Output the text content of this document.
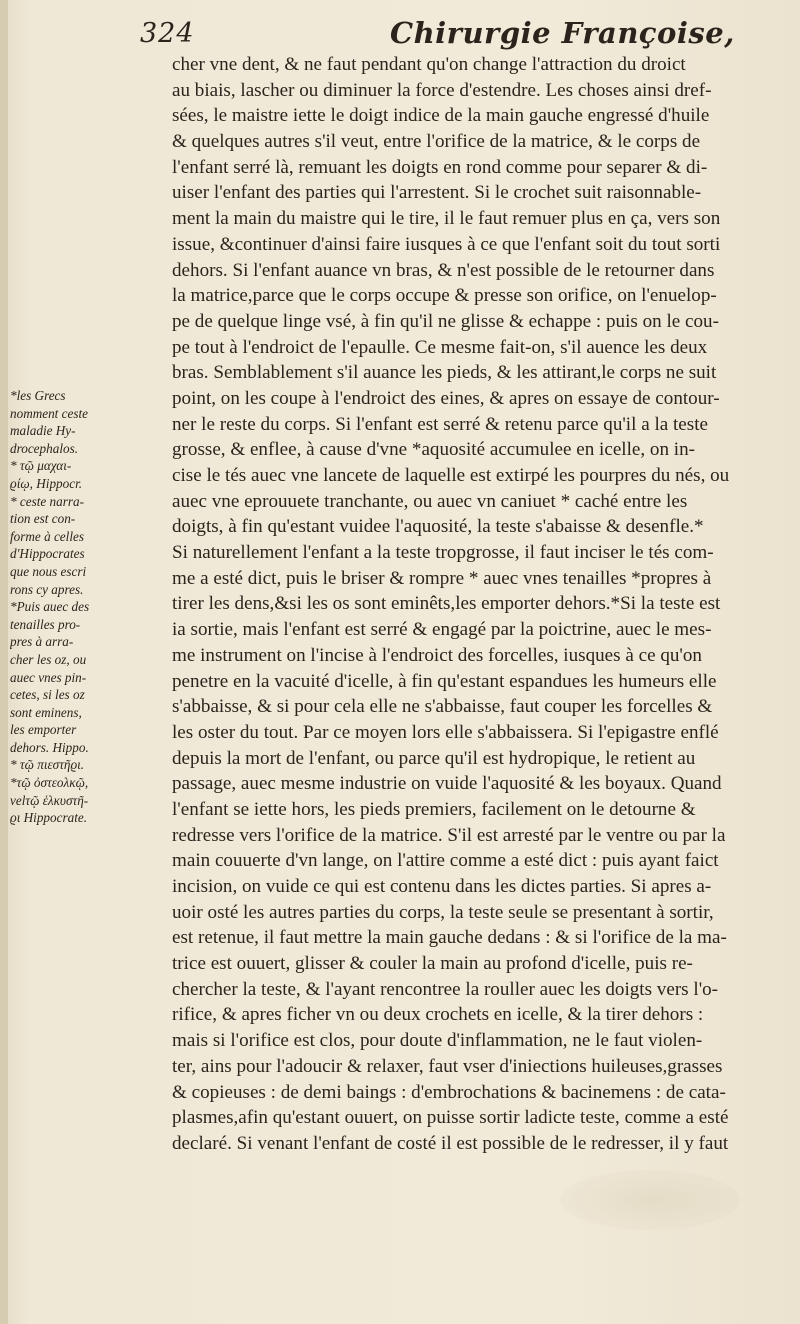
324	Chirurgie Françoise,
cher vne dent, & ne faut pendant qu'on change l'attraction du droict
au biais, lascher ou diminuer la force d'estendre. Les choses ainsi dref-
sées, le maistre iette le doigt indice de la main gauche engressé d'huile
& quelques autres s'il veut, entre l'orifice de la matrice, & le corps de
l'enfant serré là, remuant les doigts en rond comme pour separer & di-
uiser l'enfant des parties qui l'arrestent. Si le crochet suit raisonnable-
ment la main du maistre qui le tire, il le faut remuer plus en ça, vers son
issue, &continuer d'ainsi faire iusques à ce que l'enfant soit du tout sorti
dehors. Si l'enfant auance vn bras, & n'est possible de le retourner dans
la matrice,parce que le corps occupe & presse son orifice, on l'enuelop-
pe de quelque linge vsé, à fin qu'il ne glisse & echappe : puis on le cou-
pe tout à l'endroict de l'epaulle. Ce mesme fait-on, s'il auence les deux
bras. Semblablement s'il auance les pieds, & les attirant,le corps ne suit
point, on les coupe à l'endroict des eines, & apres on essaye de contour-
ner le reste du corps. Si l'enfant est serré & retenu parce qu'il a la teste
grosse, & enflee, à cause d'vne *aquosité accumulee en icelle, on in-
cise le tés auec vne lancete de laquelle est extirpé les pourpres du nés, ou
auec vne eprouuete tranchante, ou auec vn caniuet * caché entre les
doigts, à fin qu'estant vuidee l'aquosité, la teste s'abaisse & desenfle.*
Si naturellement l'enfant a la teste tropgrosse, il faut inciser le tés com-
me a esté dict, puis le briser & rompre * auec vnes tenailles *propres à
tirer les dens,&si les os sont eminêts,les emporter dehors.*Si la teste est
ia sortie, mais l'enfant est serré & engagé par la poictrine, auec le mes-
me instrument on l'incise à l'endroict des forcelles, iusques à ce qu'on
penetre en la vacuité d'icelle, à fin qu'estant espandues les humeurs elle
s'abbaisse, & si pour cela elle ne s'abbaisse, faut couper les forcelles &
les oster du tout. Par ce moyen lors elle s'abbaissera. Si l'epigastre enflé
depuis la mort de l'enfant, ou parce qu'il est hydropique, le retient au
passage, auec mesme industrie on vuide l'aquosité & les boyaux. Quand
l'enfant se iette hors, les pieds premiers, facilement on le detourne &
redresse vers l'orifice de la matrice. S'il est arresté par le ventre ou par la
main couuerte d'vn lange, on l'attire comme a esté dict : puis ayant faict
incision, on vuide ce qui est contenu dans les dictes parties. Si apres a-
uoir osté les autres parties du corps, la teste seule se presentant à sortir,
est retenue, il faut mettre la main gauche dedans : & si l'orifice de la ma-
trice est ouuert, glisser & couler la main au profond d'icelle, puis re-
chercher la teste, & l'ayant rencontree la rouller auec les doigts vers l'o-
rifice, & apres ficher vn ou deux crochets en icelle, & la tirer dehors :
mais si l'orifice est clos, pour doute d'inflammation, ne le faut violen-
ter, ains pour l'adoucir & relaxer, faut vser d'iniections huileuses,grasses
& copieuses : de demi baings : d'embrochations & bacinemens : de cata-
plasmes,afin qu'estant ouuert, on puisse sortir ladicte teste, comme a esté
declaré. Si venant l'enfant de costé il est possible de le redresser, il y faut
*les Grecs
nomment ceste
maladie Hy-
drocephalos.
* τῷ μαχαι-
ϱίῳ, Hippocr.
* ceste narra-
tion est con-
forme à celles
d'Hippocrates
que nous escri
rons cy apres.
*Puis auec des
tenailles pro-
pres à arra-
cher les oz, ou
auec vnes pin-
cetes, si les oz
sont eminens,
les emporter
dehors. Hippo.
* τῷ πιεστῆϱι.
*τῷ ὀστεολκῷ,
velτῷ ἑλκυστῆ-
ϱι Hippocrate.
